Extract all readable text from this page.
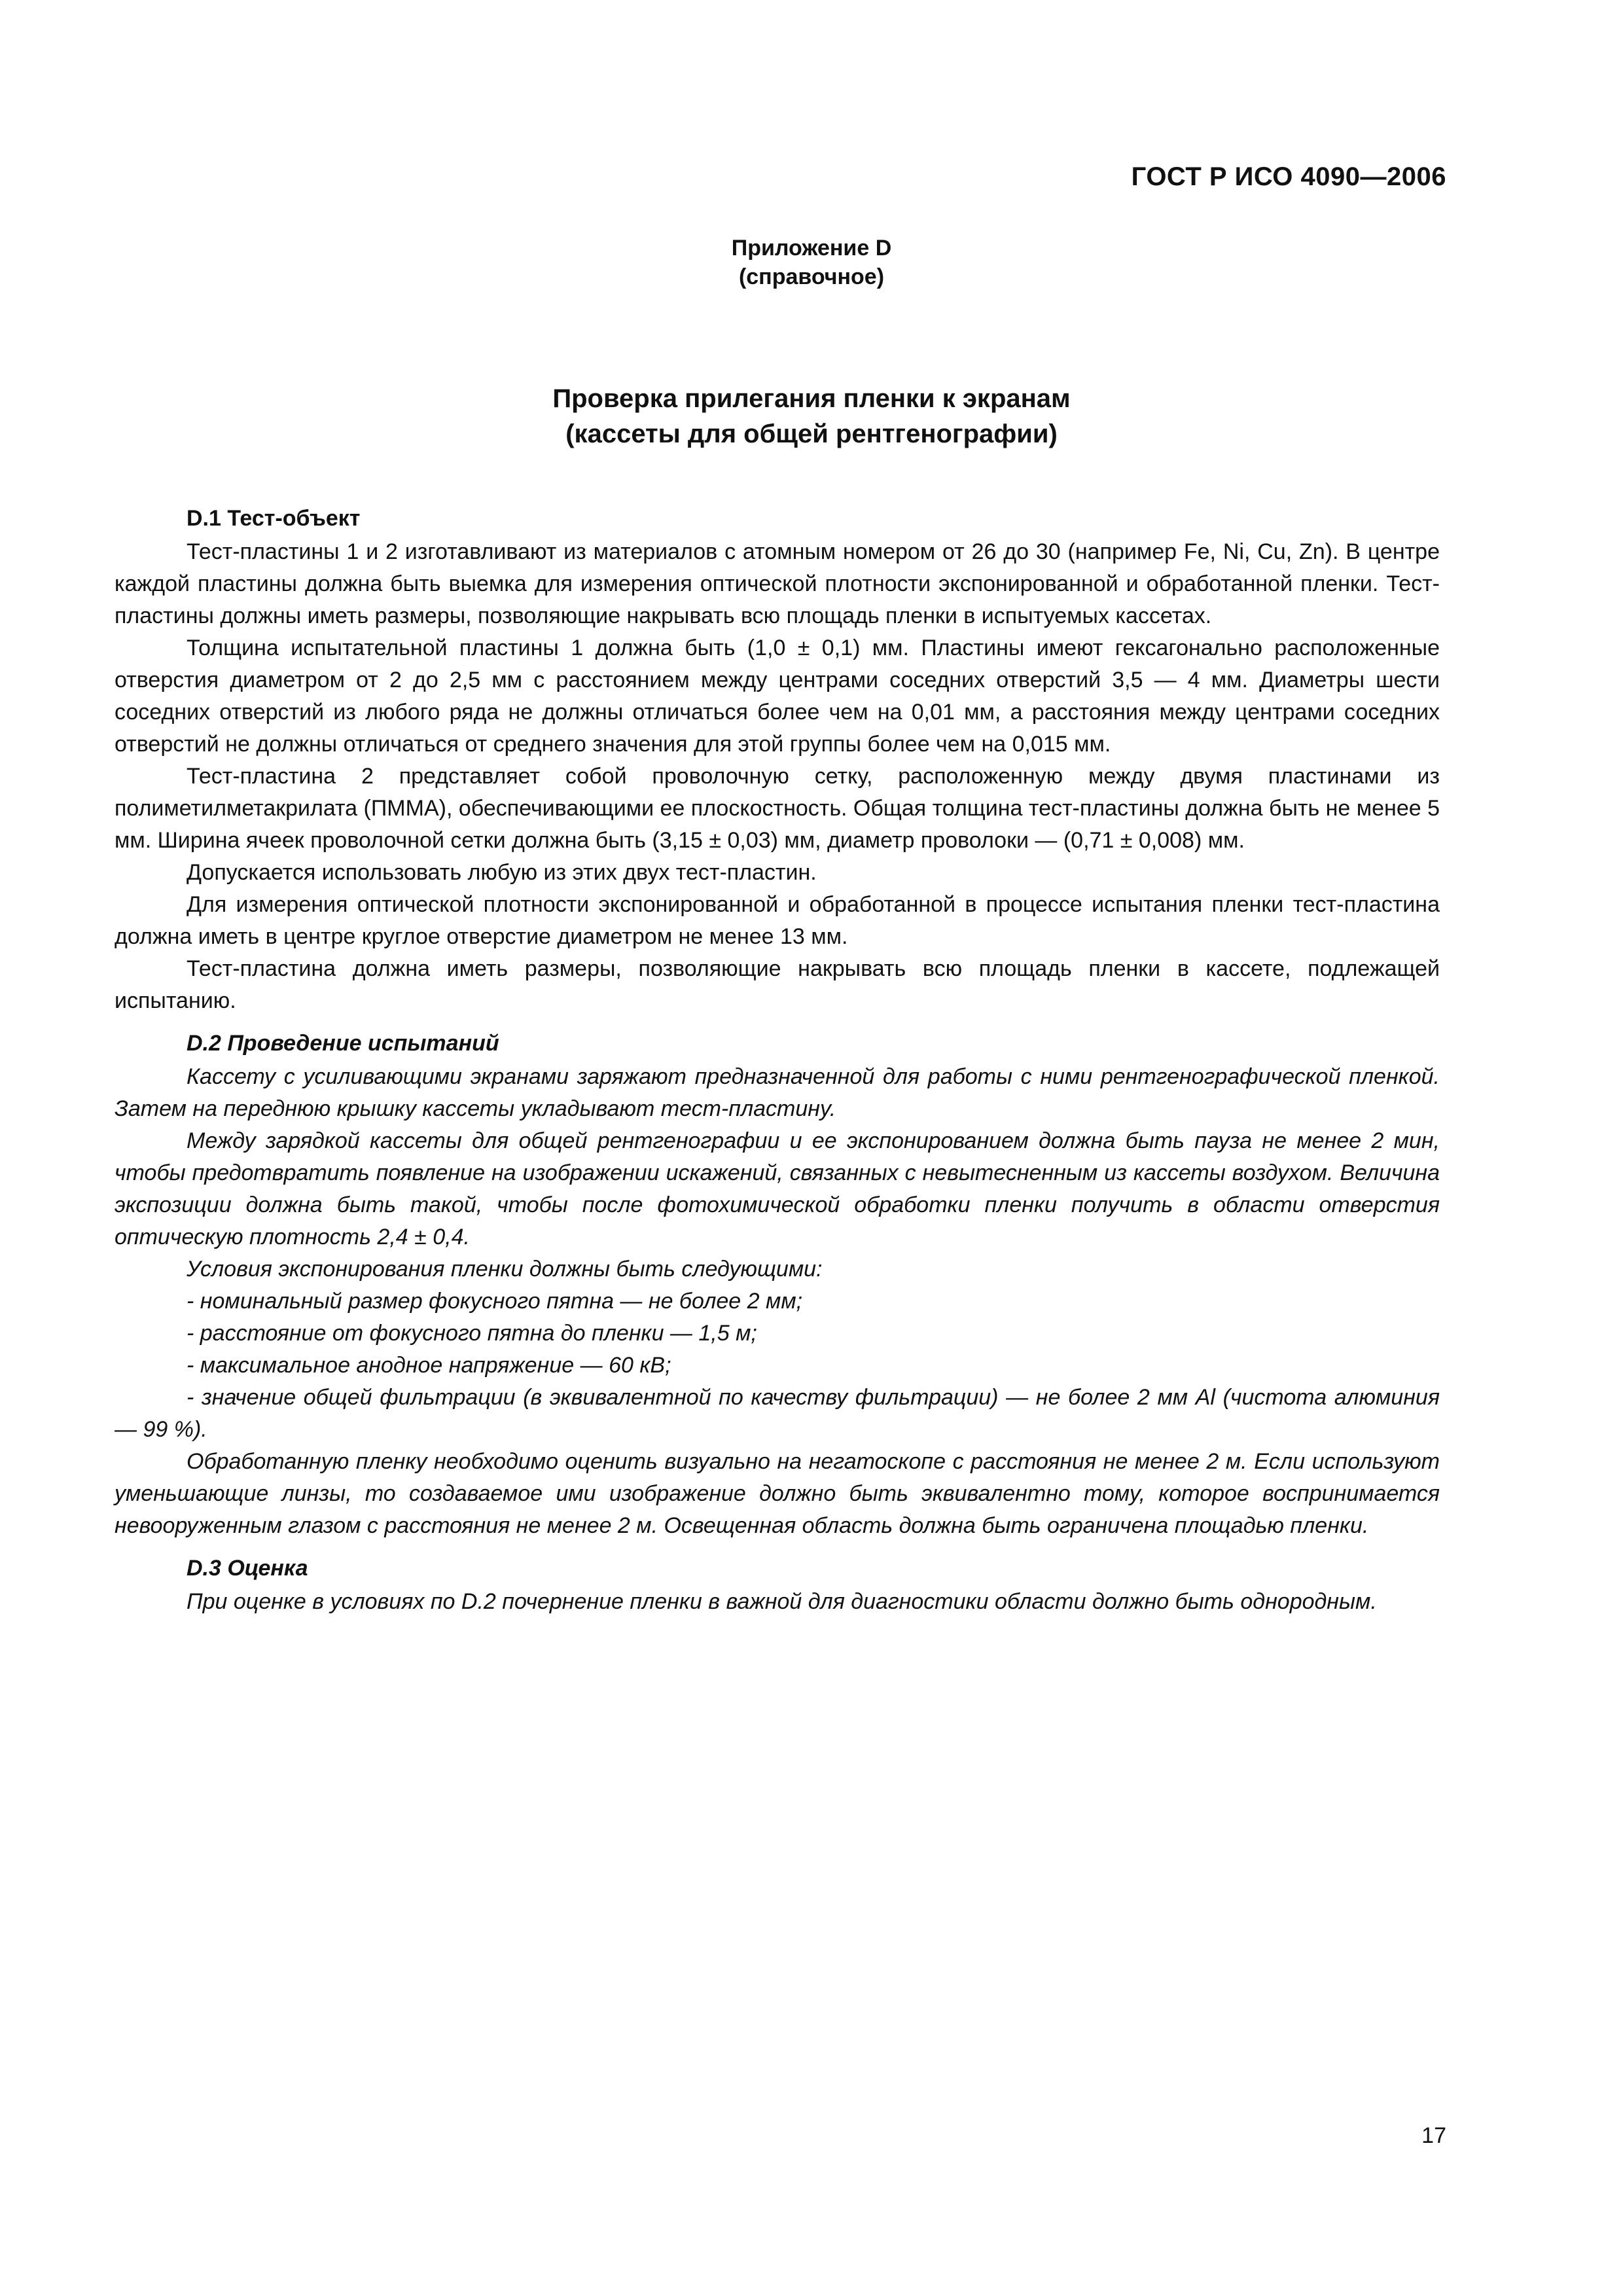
ГОСТ Р ИСО 4090—2006
Приложение D
(справочное)
Проверка прилегания пленки к экранам
(кассеты для общей рентгенографии)

D.1 Тест-объект

Тест-пластины 1 и 2 изготавливают из материалов с атомным номером от 26 до 30 (например Fe, Ni, Cu, Zn). В центре каждой пластины должна быть выемка для измерения оптической плотности экспонированной и обработанной пленки. Тест-пластины должны иметь размеры, позволяющие накрывать всю площадь пленки в испытуемых кассетах.

Толщина испытательной пластины 1 должна быть (1,0 ± 0,1) мм. Пластины имеют гексагонально расположенные отверстия диаметром от 2 до 2,5 мм с расстоянием между центрами соседних отверстий 3,5 — 4 мм. Диаметры шести соседних отверстий из любого ряда не должны отличаться более чем на 0,01 мм, а расстояния между центрами соседних отверстий не должны отличаться от среднего значения для этой группы более чем на 0,015 мм.

Тест-пластина 2 представляет собой проволочную сетку, расположенную между двумя пластинами из полиметилметакрилата (ПММА), обеспечивающими ее плоскостность. Общая толщина тест-пластины должна быть не менее 5 мм. Ширина ячеек проволочной сетки должна быть (3,15 ± 0,03) мм, диаметр проволоки — (0,71 ± 0,008) мм.

Допускается использовать любую из этих двух тест-пластин.

Для измерения оптической плотности экспонированной и обработанной в процессе испытания пленки тест-пластина должна иметь в центре круглое отверстие диаметром не менее 13 мм.

Тест-пластина должна иметь размеры, позволяющие накрывать всю площадь пленки в кассете, подлежащей испытанию.

D.2 Проведение испытаний

Кассету с усиливающими экранами заряжают предназначенной для работы с ними рентгенографической пленкой. Затем на переднюю крышку кассеты укладывают тест-пластину.

Между зарядкой кассеты для общей рентгенографии и ее экспонированием должна быть пауза не менее 2 мин, чтобы предотвратить появление на изображении искажений, связанных с невытесненным из кассеты воздухом. Величина экспозиции должна быть такой, чтобы после фотохимической обработки пленки получить в области отверстия оптическую плотность 2,4 ± 0,4.

Условия экспонирования пленки должны быть следующими:

- номинальный размер фокусного пятна — не более 2 мм;

- расстояние от фокусного пятна до пленки — 1,5 м;

- максимальное анодное напряжение — 60 кВ;

- значение общей фильтрации (в эквивалентной по качеству фильтрации) — не более 2 мм Al (чистота алюминия — 99 %).

Обработанную пленку необходимо оценить визуально на негатоскопе с расстояния не менее 2 м. Если используют уменьшающие линзы, то создаваемое ими изображение должно быть эквивалентно тому, которое воспринимается невооруженным глазом с расстояния не менее 2 м. Освещенная область должна быть ограничена площадью пленки.

D.3 Оценка

При оценке в условиях по D.2 почернение пленки в важной для диагностики области должно быть однородным.

17
